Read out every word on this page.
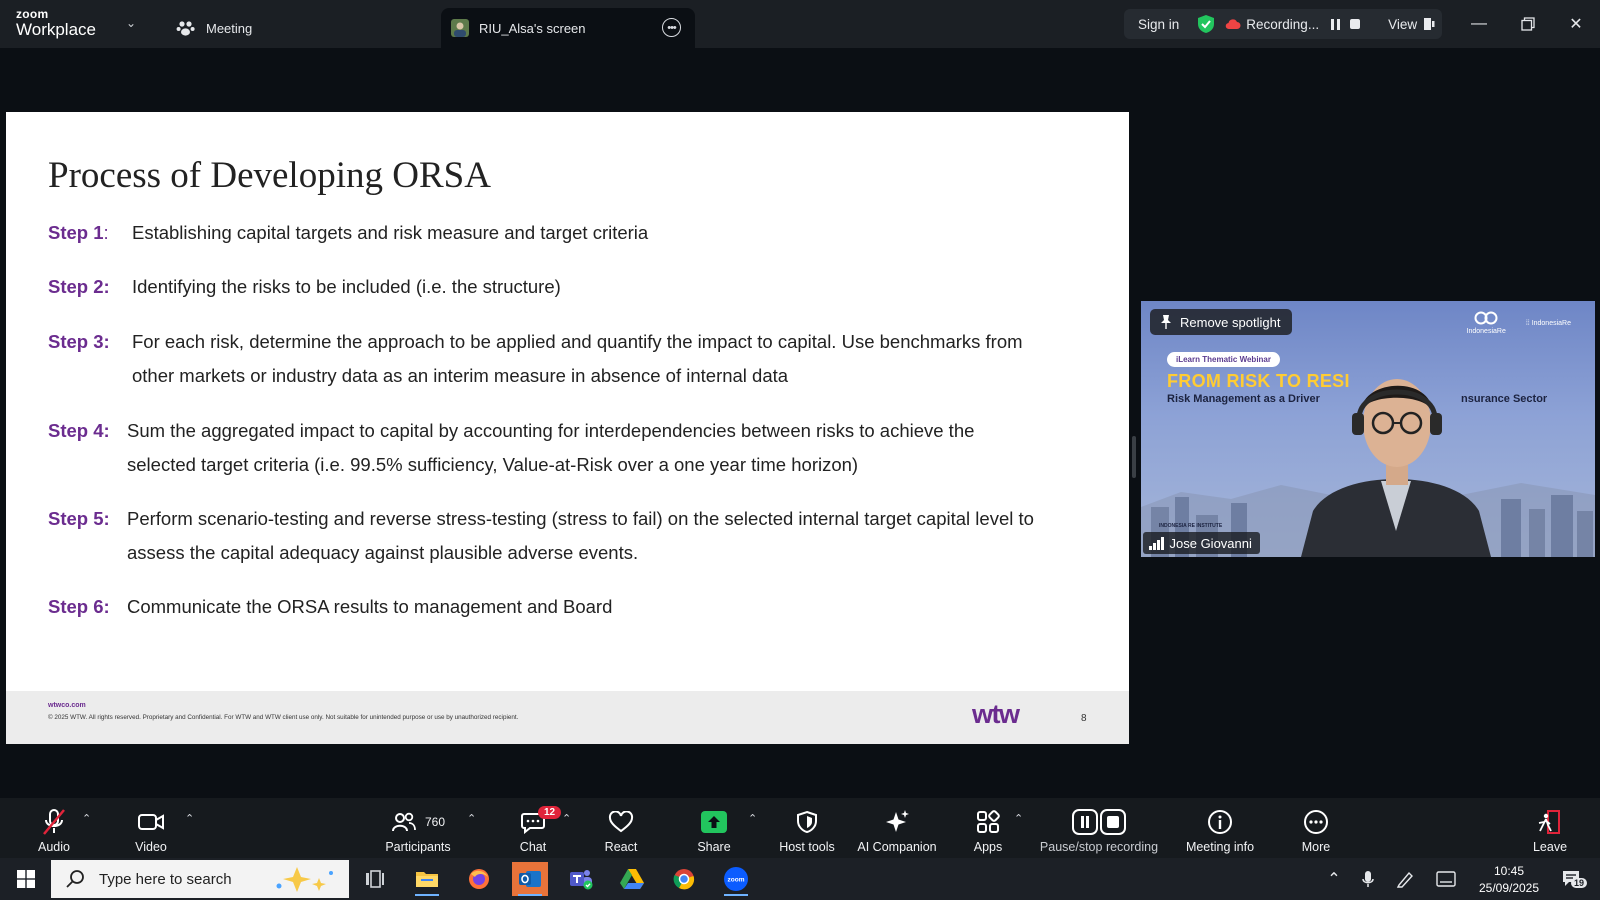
zoom
Workplace	⌄	Meeting	RIU_Alsa's screen	•••	Sign in	Recording...	View	—	✕
Process of Developing ORSA
Step 1:	Establishing capital targets and risk measure and target criteria
Step 2:	Identifying the risks to be included (i.e. the structure)
Step 3:	For each risk, determine the approach to be applied and quantify the impact to capital. Use benchmarks from
other markets or industry data as an interim measure in absence of internal data
Step 4: Sum the aggregated impact to capital by accounting for interdependencies between risks to achieve the
selected target criteria (i.e. 99.5% sufficiency, Value-at-Risk over a one year time horizon)
Step 5: Perform scenario-testing and reverse stress-testing (stress to fail) on the selected internal target capital level to
assess the capital adequacy against plausible adverse events.
Step 6: Communicate the ORSA results to management and Board
wtwco.com
© 2025 WTW. All rights reserved. Proprietary and Confidential. For WTW and WTW client use only. Not suitable for unintended purpose or use by unauthorized recipient.	wtw	8
Remove spotlight

IndonesiaRe
⁞⁞ IndonesiaRe
iLearn Thematic Webinar
FROM RISK TO RESI
Risk Management as a Driver	nsurance Sector
INDONESIA RE INSTITUTE
Jose Giovanni
Audio
⌃
Video
⌃	760
Participants
⌃
Chat
12
⌃
React	Share
⌃
Host tools AI Companion	Apps
⌃
Pause/stop recording Meeting info	More	Leave
Type here to search	zoom	⌃	10:45
25/09/2025	19
